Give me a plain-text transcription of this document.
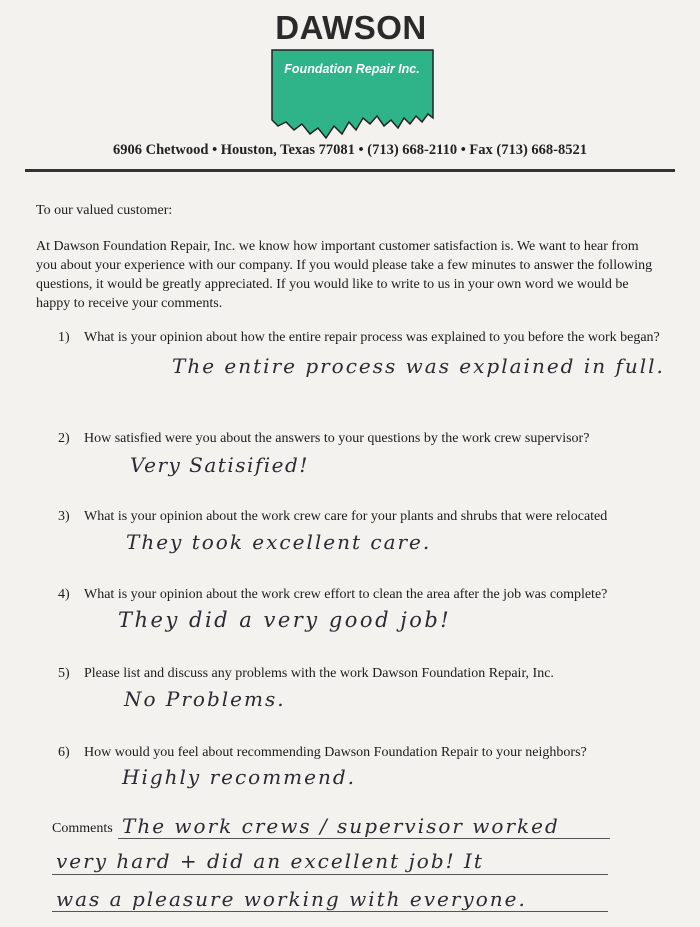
DAWSON
Foundation Repair Inc.
6906 Chetwood • Houston, Texas 77081 • (713) 668-2110 • Fax (713) 668-8521
To our valued customer:
At Dawson Foundation Repair, Inc. we know how important customer satisfaction is. We want to hear from you about your experience with our company. If you would please take a few minutes to answer the following questions, it would be greatly appreciated. If you would like to write to us in your own word we would be happy to receive your comments.
1) What is your opinion about how the entire repair process was explained to you before the work began?
The entire process was explained in full.
2) How satisfied were you about the answers to your questions by the work crew supervisor?
Very Satisified!
3) What is your opinion about the work crew care for your plants and shrubs that were relocated
They took excellent care.
4) What is your opinion about the work crew effort to clean the area after the job was complete?
They did a very good job!
5) Please list and discuss any problems with the work Dawson Foundation Repair, Inc.
No Problems.
6) How would you feel about recommending Dawson Foundation Repair to your neighbors?
Highly recommend.
Comments The work crews / supervisor worked
very hard + did an excellent job! It
was a pleasure working with everyone.
